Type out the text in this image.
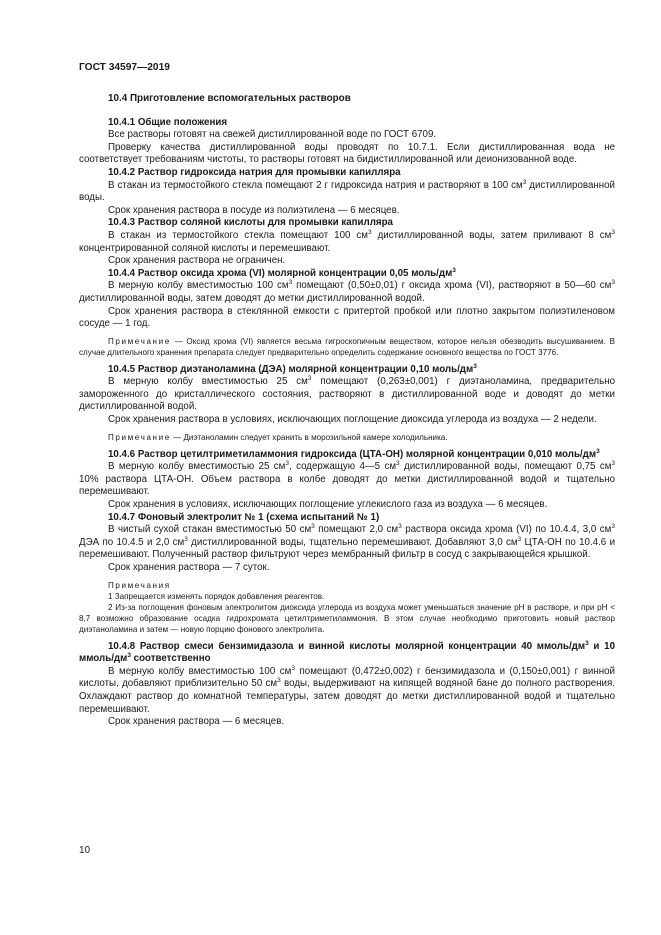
ГОСТ 34597—2019

10.4 Приготовление вспомогательных растворов

10.4.1 Общие положения

Все растворы готовят на свежей дистиллированной воде по ГОСТ 6709.

Проверку качества дистиллированной воды проводят по 10.7.1. Если дистиллированная вода не соответствует требованиям чистоты, то растворы готовят на бидистиллированной или деионизованной воде.

10.4.2 Раствор гидроксида натрия для промывки капилляра

В стакан из термостойкого стекла помещают 2 г гидроксида натрия и растворяют в 100 $см^3$ дистиллированной воды.

Срок хранения раствора в посуде из полиэтилена — 6 месяцев.

10.4.3 Раствор соляной кислоты для промывки капилляра

В стакан из термостойкого стекла помещают 100 $см^3$ дистиллированной воды, затем приливают 8 $см^3$ концентрированной соляной кислоты и перемешивают.

Срок хранения раствора не ограничен.

10.4.4 Раствор оксида хрома (VI) молярной концентрации 0,05 моль/$дм^3$

В мерную колбу вместимостью 100 $см^3$ помещают (0,50±0,01) г оксида хрома (VI), растворяют в 50—60 $см^3$ дистиллированной воды, затем доводят до метки дистиллированной водой.

Срок хранения раствора в стеклянной емкости с притертой пробкой или плотно закрытом полиэтиленовом сосуде — 1 год.

Примечание — Оксид хрома (VI) является весьма гигроскопичным веществом, которое нельзя обезводить высушиванием. В случае длительного хранения препарата следует предварительно определить содержание основного вещества по ГОСТ 3776.

10.4.5 Раствор диэтаноламина (ДЭА) молярной концентрации 0,10 моль/$дм^3$

В мерную колбу вместимостью 25 $см^3$ помещают (0,263±0,001) г диэтаноламина, предварительно замороженного до кристаллического состояния, растворяют в дистиллированной воде и доводят до метки дистиллированной водой.

Срок хранения раствора в условиях, исключающих поглощение диоксида углерода из воздуха — 2 недели.

Примечание — Диэтаноламин следует хранить в морозильной камере холодильника.

10.4.6 Раствор цетилтриметиламмония гидроксида (ЦТА-ОН) молярной концентрации 0,010 моль/$дм^3$

В мерную колбу вместимостью 25 $см^3$, содержащую 4—5 $см^3$ дистиллированной воды, помещают 0,75 $см^3$ 10% раствора ЦТА-ОН. Объем раствора в колбе доводят до метки дистиллированной водой и тщательно перемешивают.

Срок хранения в условиях, исключающих поглощение углекислого газа из воздуха — 6 месяцев.

10.4.7 Фоновый электролит № 1 (схема испытаний № 1)

В чистый сухой стакан вместимостью 50 $см^3$ помещают 2,0 $см^3$ раствора оксида хрома (VI) по 10.4.4, 3,0 $см^3$ ДЭА по 10.4.5 и 2,0 $см^3$ дистиллированной воды, тщательно перемешивают. Добавляют 3,0 $см^3$ ЦТА-ОН по 10.4.6 и перемешивают. Полученный раствор фильтруют через мембранный фильтр в сосуд с закрывающейся крышкой.

Срок хранения раствора — 7 суток.

Примечания

1 Запрещается изменять порядок добавления реагентов.

2 Из-за поглощения фоновым электролитом диоксида углерода из воздуха может уменьшаться значение pH в растворе, и при pH < 8,7 возможно образование осадка гидрохромата цетилтриметиламмония. В этом случае необходимо приготовить новый раствор диэтаноламина и затем — новую порцию фонового электролита.

10.4.8 Раствор смеси бензимидазола и винной кислоты молярной концентрации 40 ммоль/$дм^3$ и 10 ммоль/$дм^3$ соответственно

В мерную колбу вместимостью 100 $см^3$ помещают (0,472±0,002) г бензимидазола и (0,150±0,001) г винной кислоты, добавляют приблизительно 50 $см^3$ воды, выдерживают на кипящей водяной бане до полного растворения. Охлаждают раствор до комнатной температуры, затем доводят до метки дистиллированной водой и тщательно перемешивают.

Срок хранения раствора — 6 месяцев.

10
